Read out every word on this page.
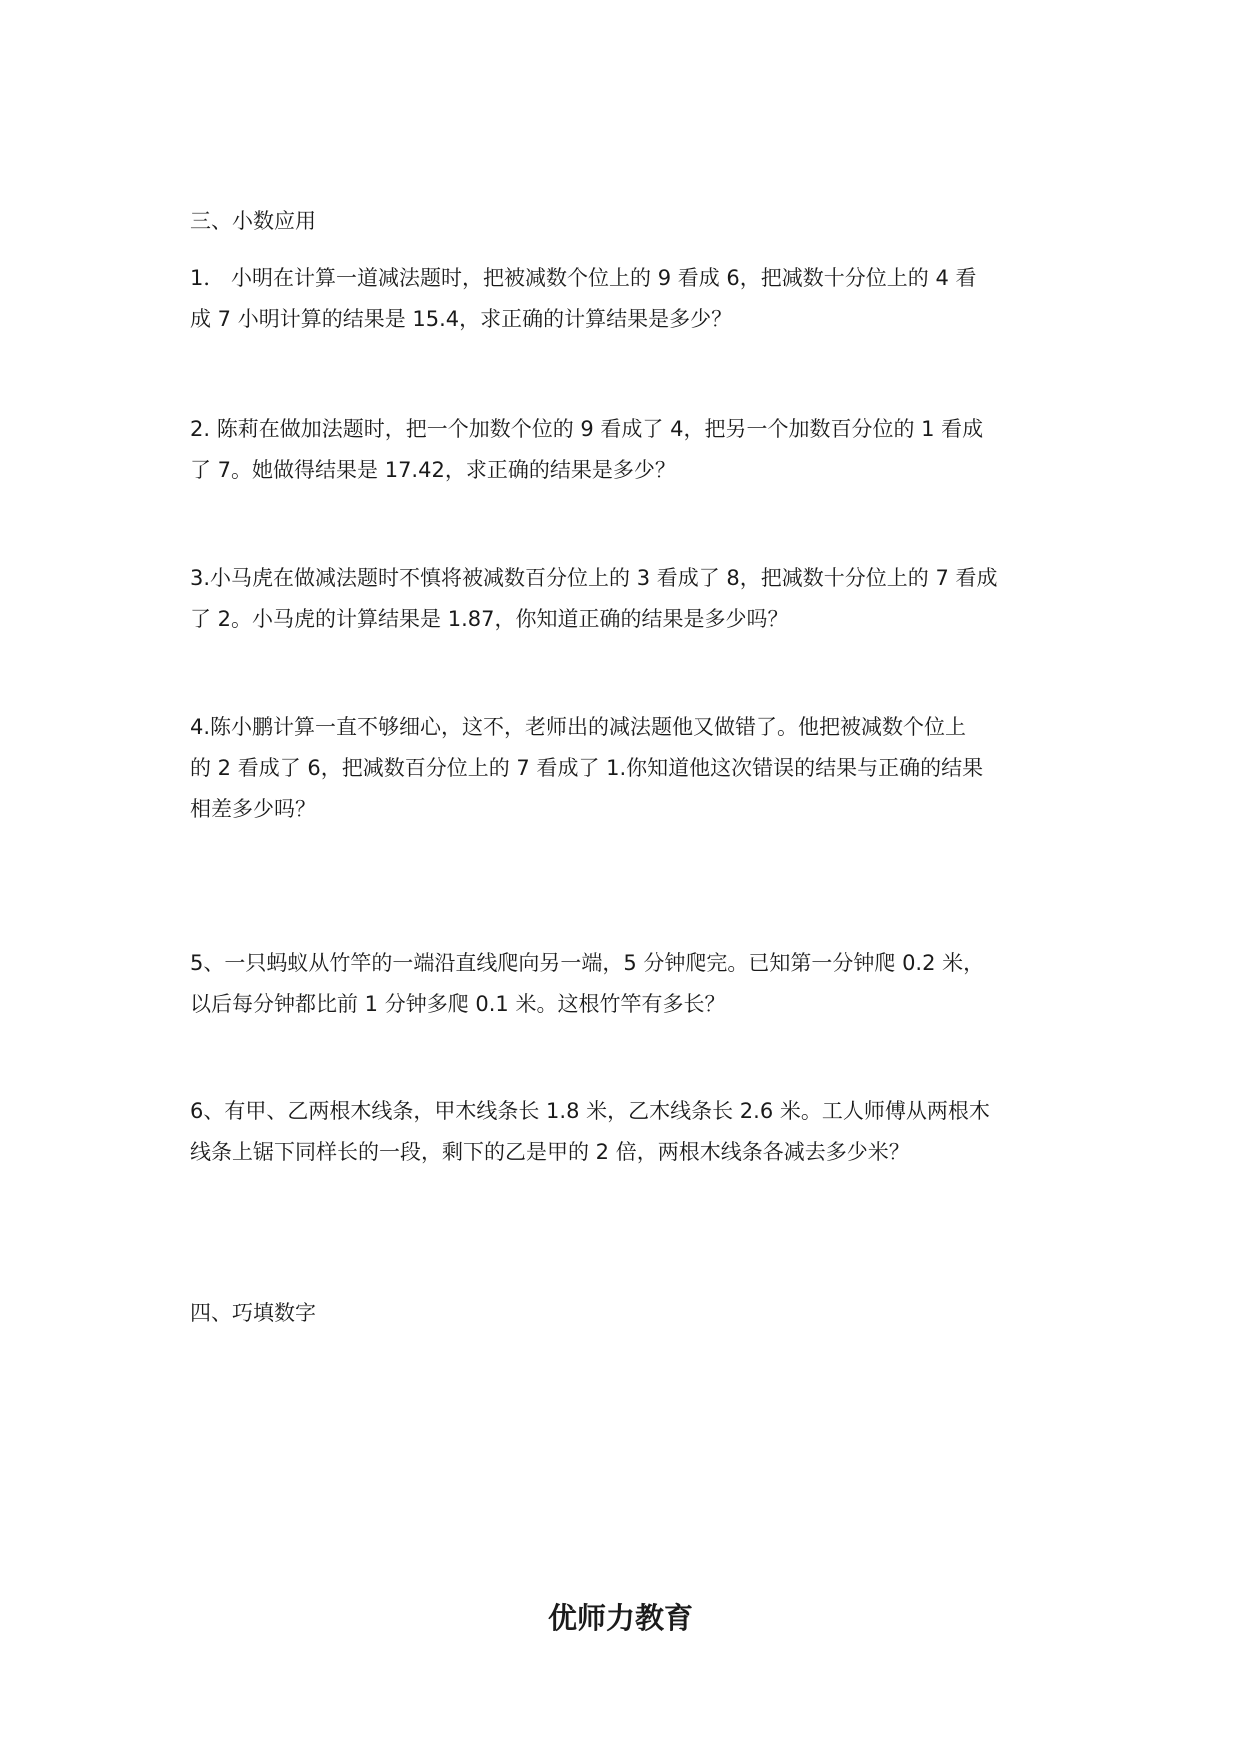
三、小数应用
1． 小明在计算一道减法题时，把被减数个位上的 9 看成 6，把减数十分位上的 4 看
成 7 小明计算的结果是 15.4，求正确的计算结果是多少？
2. 陈莉在做加法题时，把一个加数个位的 9 看成了 4，把另一个加数百分位的 1 看成
了 7。她做得结果是 17.42，求正确的结果是多少？
3.小马虎在做减法题时不慎将被减数百分位上的 3 看成了 8，把减数十分位上的 7 看成
了 2。小马虎的计算结果是 1.87，你知道正确的结果是多少吗？
4.陈小鹏计算一直不够细心，这不，老师出的减法题他又做错了。他把被减数个位上
的 2 看成了 6，把减数百分位上的 7 看成了 1.你知道他这次错误的结果与正确的结果
相差多少吗？
5、一只蚂蚁从竹竿的一端沿直线爬向另一端，5 分钟爬完。已知第一分钟爬 0.2 米，
以后每分钟都比前 1 分钟多爬 0.1 米。这根竹竿有多长？
6、有甲、乙两根木线条，甲木线条长 1.8 米，乙木线条长 2.6 米。工人师傅从两根木
线条上锯下同样长的一段，剩下的乙是甲的 2 倍，两根木线条各减去多少米？
四、巧填数字
优师力教育
